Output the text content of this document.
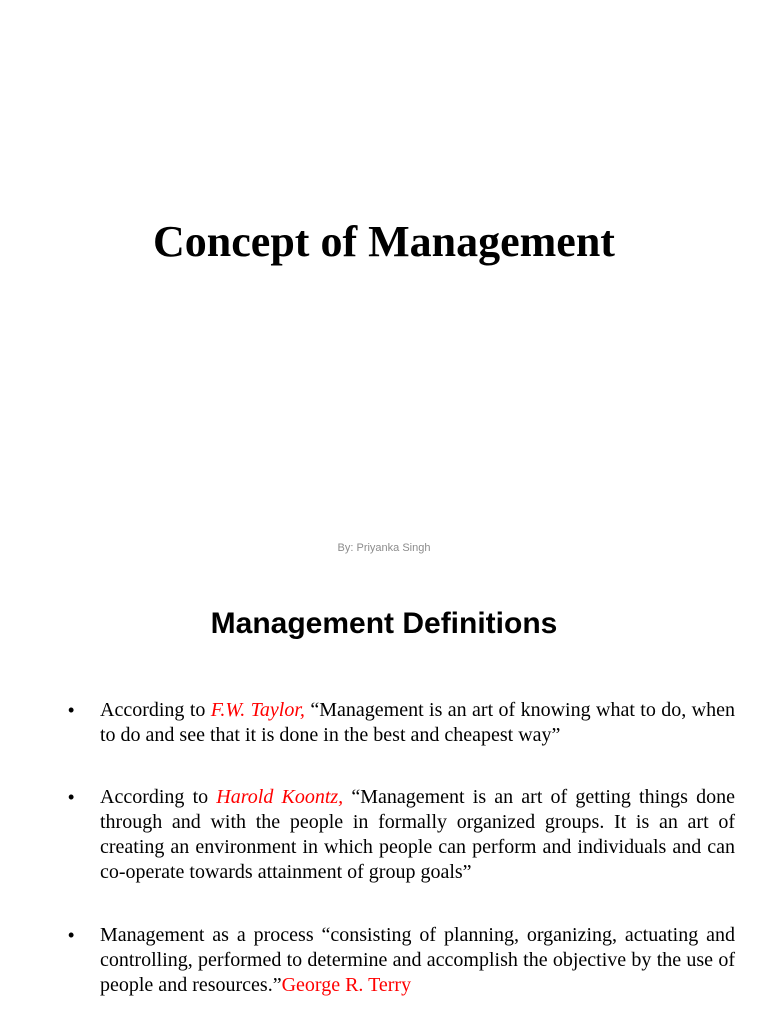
Concept of Management
By: Priyanka Singh
Management Definitions
• According to F.W. Taylor, “Management is an art of knowing what to do, when to do and see that it is done in the best and cheapest way”
• According to Harold Koontz, “Management is an art of getting things done through and with the people in formally organized groups. It is an art of creating an environment in which people can perform and individuals and can co-operate towards attainment of group goals”
• Management as a process “consisting of planning, organizing, actuating and controlling, performed to determine and accomplish the objective by the use of people and resources.”George R. Terry
